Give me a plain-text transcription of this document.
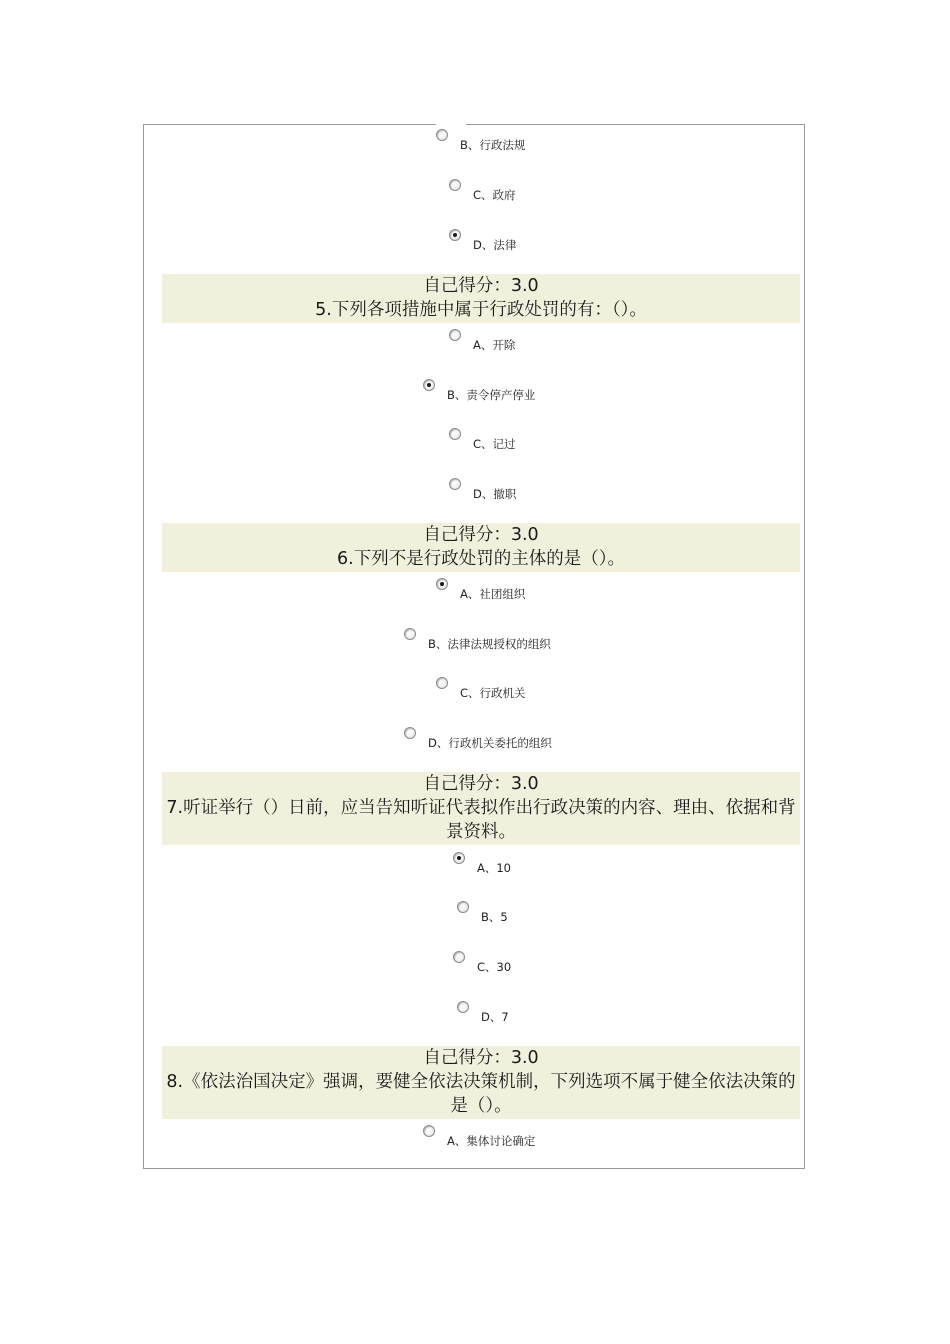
B、行政法规
C、政府
D、法律
自己得分：3.0
5.下列各项措施中属于行政处罚的有：（）。
A、开除
B、责令停产停业
C、记过
D、撤职
自己得分：3.0
6.下列不是行政处罚的主体的是（）。
A、社团组织
B、法律法规授权的组织
C、行政机关
D、行政机关委托的组织
自己得分：3.0
7.听证举行（）日前，应当告知听证代表拟作出行政决策的内容、理由、依据和背景资料。
A、10
B、5
C、30
D、7
自己得分：3.0
8.《依法治国决定》强调，要健全依法决策机制，下列选项不属于健全依法决策的是（）。
A、集体讨论确定
